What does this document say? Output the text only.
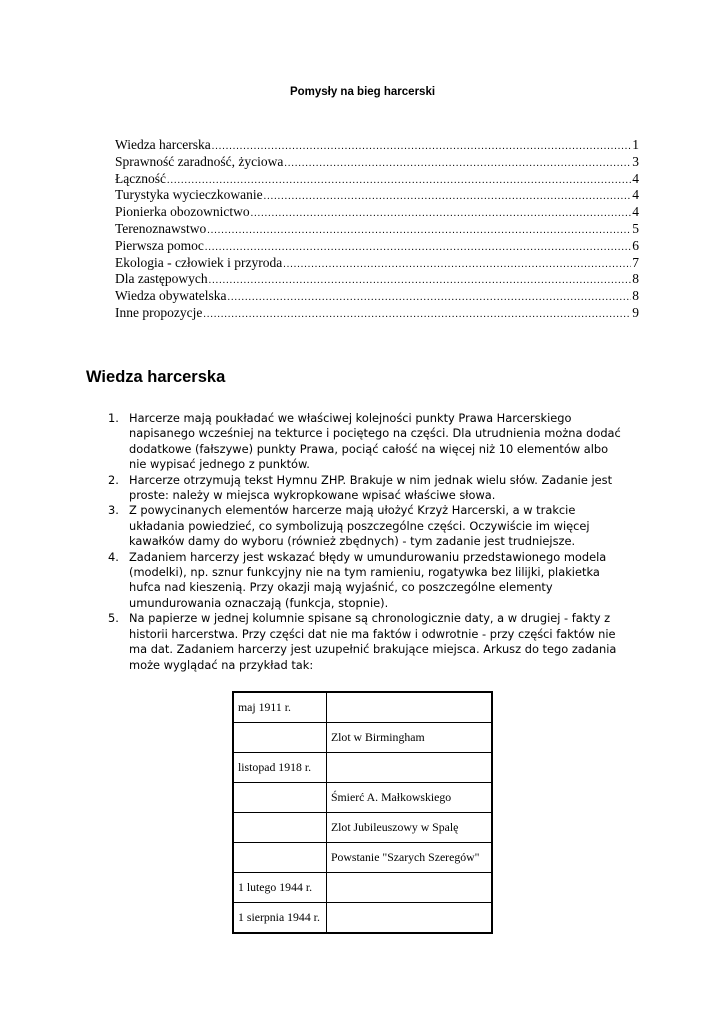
Pomysły na bieg harcerski
Wiedza harcerska .....	1
Sprawność zaradność, życiowa .....	3
Łączność .....	4
Turystyka wycieczkowanie .....	4
Pionierka obozownictwo .....	4
Terenoznawstwo .....	5
Pierwsza pomoc .....	6
Ekologia - człowiek i przyroda .....	7
Dla zastępowych .....	8
Wiedza obywatelska .....	8
Inne propozycje .....	9
Wiedza harcerska
1. Harcerze mają poukładać we właściwej kolejności punkty Prawa Harcerskiego napisanego wcześniej na tekturce i pociętego na części. Dla utrudnienia można dodać dodatkowe (fałszywe) punkty Prawa, pociąć całość na więcej niż 10 elementów albo nie wypisać jednego z punktów.
2. Harcerze otrzymują tekst Hymnu ZHP. Brakuje w nim jednak wielu słów. Zadanie jest proste: należy w miejsca wykropkowane wpisać właściwe słowa.
3. Z powycinanych elementów harcerze mają ułożyć Krzyż Harcerski, a w trakcie układania powiedzieć, co symbolizują poszczególne części. Oczywiście im więcej kawałków damy do wyboru (również zbędnych) - tym zadanie jest trudniejsze.
4. Zadaniem harcerzy jest wskazać błędy w umundurowaniu przedstawionego modela (modelki), np. sznur funkcyjny nie na tym ramieniu, rogatywka bez lilijki, plakietka hufca nad kieszenią. Przy okazji mają wyjaśnić, co poszczególne elementy umundurowania oznaczają (funkcja, stopnie).
5. Na papierze w jednej kolumnie spisane są chronologicznie daty, a w drugiej - fakty z historii harcerstwa. Przy części dat nie ma faktów i odwrotnie - przy części faktów nie ma dat. Zadaniem harcerzy jest uzupełnić brakujące miejsca. Arkusz do tego zadania może wyglądać na przykład tak:
maj 1911 r.	
	Zlot w Birmingham
listopad 1918 r.	
	Śmierć A. Małkowskiego
	Zlot Jubileuszowy w Spalę
	Powstanie "Szarych Szeregów"
1 lutego 1944 r.	
1 sierpnia 1944 r.	
